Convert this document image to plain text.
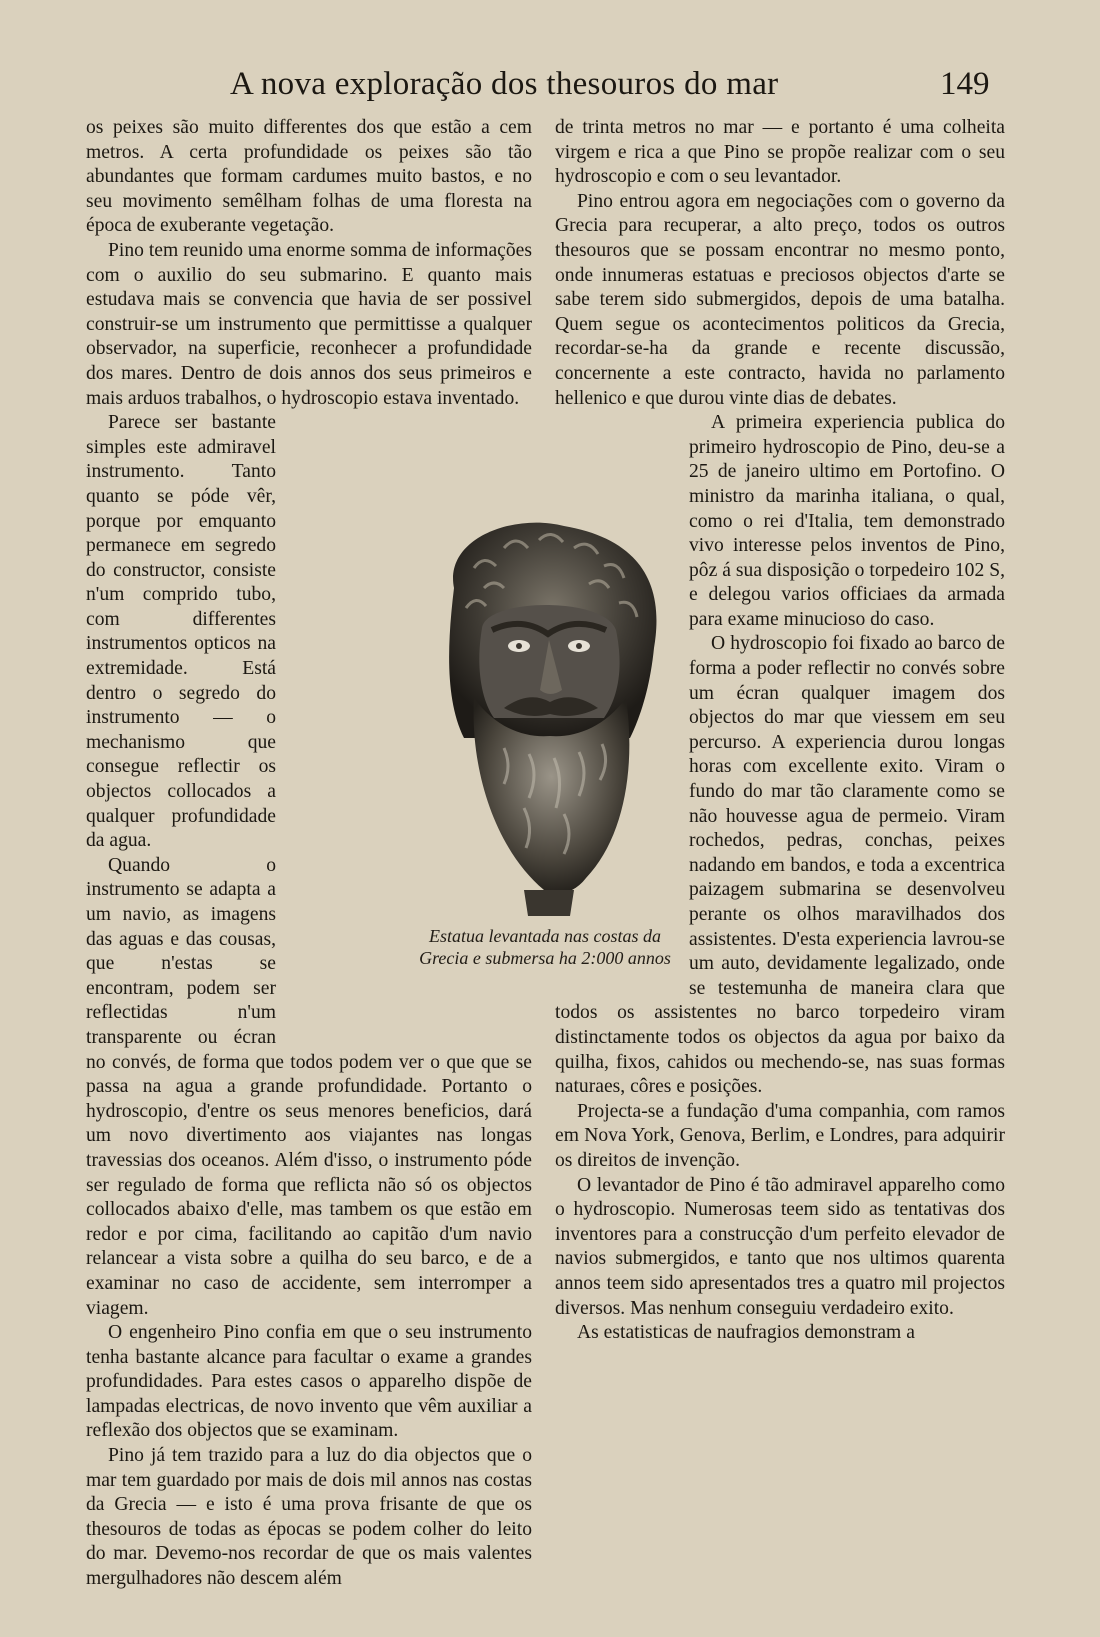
A nova exploração dos thesouros do mar	149

os peixes são muito differentes dos que estão a cem metros. A certa profundidade os peixes são tão abundantes que formam cardumes muito bastos, e no seu movimento semêlham folhas de uma floresta na época de exuberante vegetação.

Pino tem reunido uma enorme somma de informações com o auxilio do seu submarino. E quanto mais estudava mais se convencia que havia de ser possivel construir-se um instrumento que permittisse a qualquer observador, na superficie, reconhecer a profundidade dos mares. Dentro de dois annos dos seus primeiros e mais arduos trabalhos, o hydroscopio estava inventado.

Parece ser bastante simples este admiravel instrumento. Tanto quanto se póde vêr, porque por emquanto permanece em segredo do constructor, consiste n'um comprido tubo, com differentes instrumentos opticos na extremidade. Está dentro o segredo do instrumento — o mechanismo que consegue reflectir os objectos collocados a qualquer profundidade da agua.

Quando o instrumento se adapta a um navio, as imagens das aguas e das cousas, que n'estas se encontram, podem ser reflectidas n'um transparente ou écran no convés, de forma que todos podem ver o que que se passa na agua a grande profundidade. Portanto o hydroscopio, d'entre os seus menores beneficios, dará um novo divertimento aos viajantes nas longas travessias dos oceanos. Além d'isso, o instrumento póde ser regulado de forma que reflicta não só os objectos collocados abaixo d'elle, mas tambem os que estão em redor e por cima, facilitando ao capitão d'um navio relancear a vista sobre a quilha do seu barco, e de a examinar no caso de accidente, sem interromper a viagem.

O engenheiro Pino confia em que o seu instrumento tenha bastante alcance para facultar o exame a grandes profundidades. Para estes casos o apparelho dispõe de lampadas electricas, de novo invento que vêm auxiliar a reflexão dos objectos que se examinam.

Pino já tem trazido para a luz do dia objectos que o mar tem guardado por mais de dois mil annos nas costas da Grecia — e isto é uma prova frisante de que os thesouros de todas as épocas se podem colher do leito do mar. Devemo-nos recordar de que os mais valentes mergulhadores não descem além

de trinta metros no mar — e portanto é uma colheita virgem e rica a que Pino se propõe realizar com o seu hydroscopio e com o seu levantador.

Pino entrou agora em negociações com o governo da Grecia para recuperar, a alto preço, todos os outros thesouros que se possam encontrar no mesmo ponto, onde innumeras estatuas e preciosos objectos d'arte se sabe terem sido submergidos, depois de uma batalha. Quem segue os acontecimentos politicos da Grecia, recordar-se-ha da grande e recente discussão, concernente a este contracto, havida no parlamento hellenico e que durou vinte dias de debates.

A primeira experiencia publica do primeiro hydroscopio de Pino, deu-se a 25 de janeiro ultimo em Portofino. O ministro da marinha italiana, o qual, como o rei d'Italia, tem demonstrado vivo interesse pelos inventos de Pino, pôz á sua disposição o torpedeiro 102 S, e delegou varios officiaes da armada para exame minucioso do caso.

O hydroscopio foi fixado ao barco de forma a poder reflectir no convés sobre um écran qualquer imagem dos objectos do mar que viessem em seu percurso. A experiencia durou longas horas com excellente exito. Viram o fundo do mar tão claramente como se não houvesse agua de permeio. Viram rochedos, pedras, conchas, peixes nadando em bandos, e toda a excentrica paizagem submarina se desenvolveu perante os olhos maravilhados dos assistentes. D'esta experiencia lavrou-se um auto, devidamente legalizado, onde se testemunha de maneira clara que todos os assistentes no barco torpedeiro viram distinctamente todos os objectos da agua por baixo da quilha, fixos, cahidos ou mechendo-se, nas suas formas naturaes, côres e posições.

Projecta-se a fundação d'uma companhia, com ramos em Nova York, Genova, Berlim, e Londres, para adquirir os direitos de invenção.

O levantador de Pino é tão admiravel apparelho como o hydroscopio. Numerosas teem sido as tentativas dos inventores para a construcção d'um perfeito elevador de navios submergidos, e tanto que nos ultimos quarenta annos teem sido apresentados tres a quatro mil projectos diversos. Mas nenhum conseguiu verdadeiro exito.

As estatisticas de naufragios demonstram a

Estatua levantada nas costas da Grecia e submersa ha 2:000 annos
